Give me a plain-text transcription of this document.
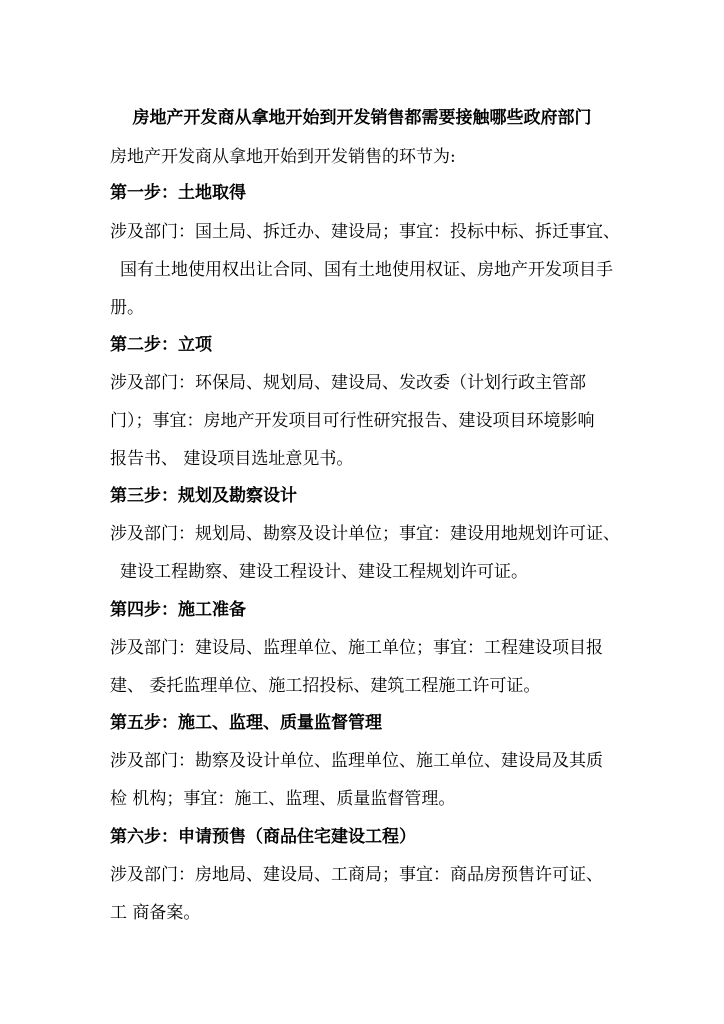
房地产开发商从拿地开始到开发销售都需要接触哪些政府部门
房地产开发商从拿地开始到开发销售的环节为:
第一步：土地取得
涉及部门：国土局、拆迁办、建设局；事宜：投标中标、拆迁事宜、
国有土地使用权出让合同、国有土地使用权证、房地产开发项目手
册。
第二步：立项
涉及部门：环保局、规划局、建设局、发改委（计划行政主管部
门）；事宜：房地产开发项目可行性研究报告、建设项目环境影响
报告书、 建设项目选址意见书。
第三步：规划及勘察设计
涉及部门：规划局、勘察及设计单位；事宜：建设用地规划许可证、
建设工程勘察、建设工程设计、建设工程规划许可证。
第四步：施工准备
涉及部门：建设局、监理单位、施工单位；事宜：工程建设项目报
建、 委托监理单位、施工招投标、建筑工程施工许可证。
第五步：施工、监理、质量监督管理
涉及部门：勘察及设计单位、监理单位、施工单位、建设局及其质
检 机构；事宜：施工、监理、质量监督管理。
第六步：申请预售（商品住宅建设工程）
涉及部门：房地局、建设局、工商局；事宜：商品房预售许可证、
工 商备案。
